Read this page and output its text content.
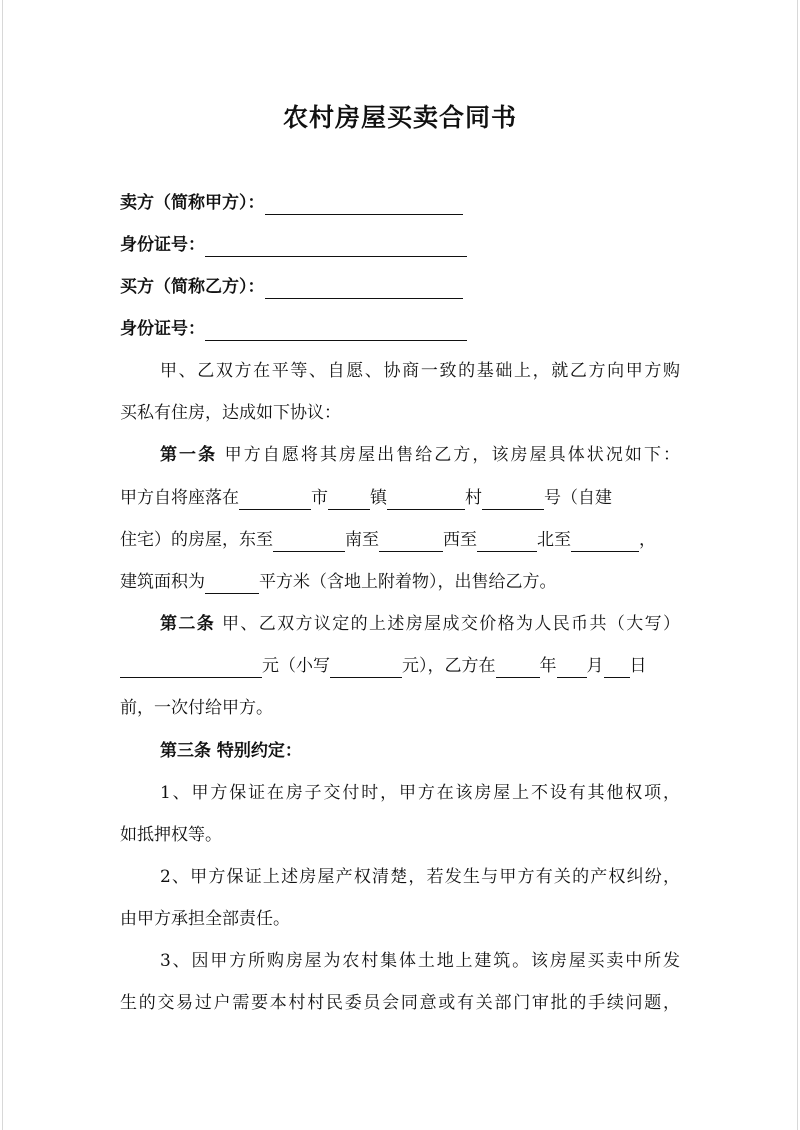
农村房屋买卖合同书
卖方（简称甲方）：
身份证号：
买方（简称乙方）：
身份证号：
甲、乙双方在平等、自愿、协商一致的基础上，就乙方向甲方购
买私有住房，达成如下协议：
第一条 甲方自愿将其房屋出售给乙方，该房屋具体状况如下：
甲方自将座落在	市 镇	村	号（自建
住宅）的房屋，东至	南至	西至	北至	，
建筑面积为	平方米（含地上附着物），出售给乙方。
第二条 甲、乙双方议定的上述房屋成交价格为人民币共（大写）
元（小写	元），乙方在	年 月 日
前，一次付给甲方。
第三条 特别约定：
1、甲方保证在房子交付时，甲方在该房屋上不设有其他权项，
如抵押权等。
2、甲方保证上述房屋产权清楚，若发生与甲方有关的产权纠纷，
由甲方承担全部责任。
3、因甲方所购房屋为农村集体土地上建筑。该房屋买卖中所发
生的交易过户需要本村村民委员会同意或有关部门审批的手续问题，
